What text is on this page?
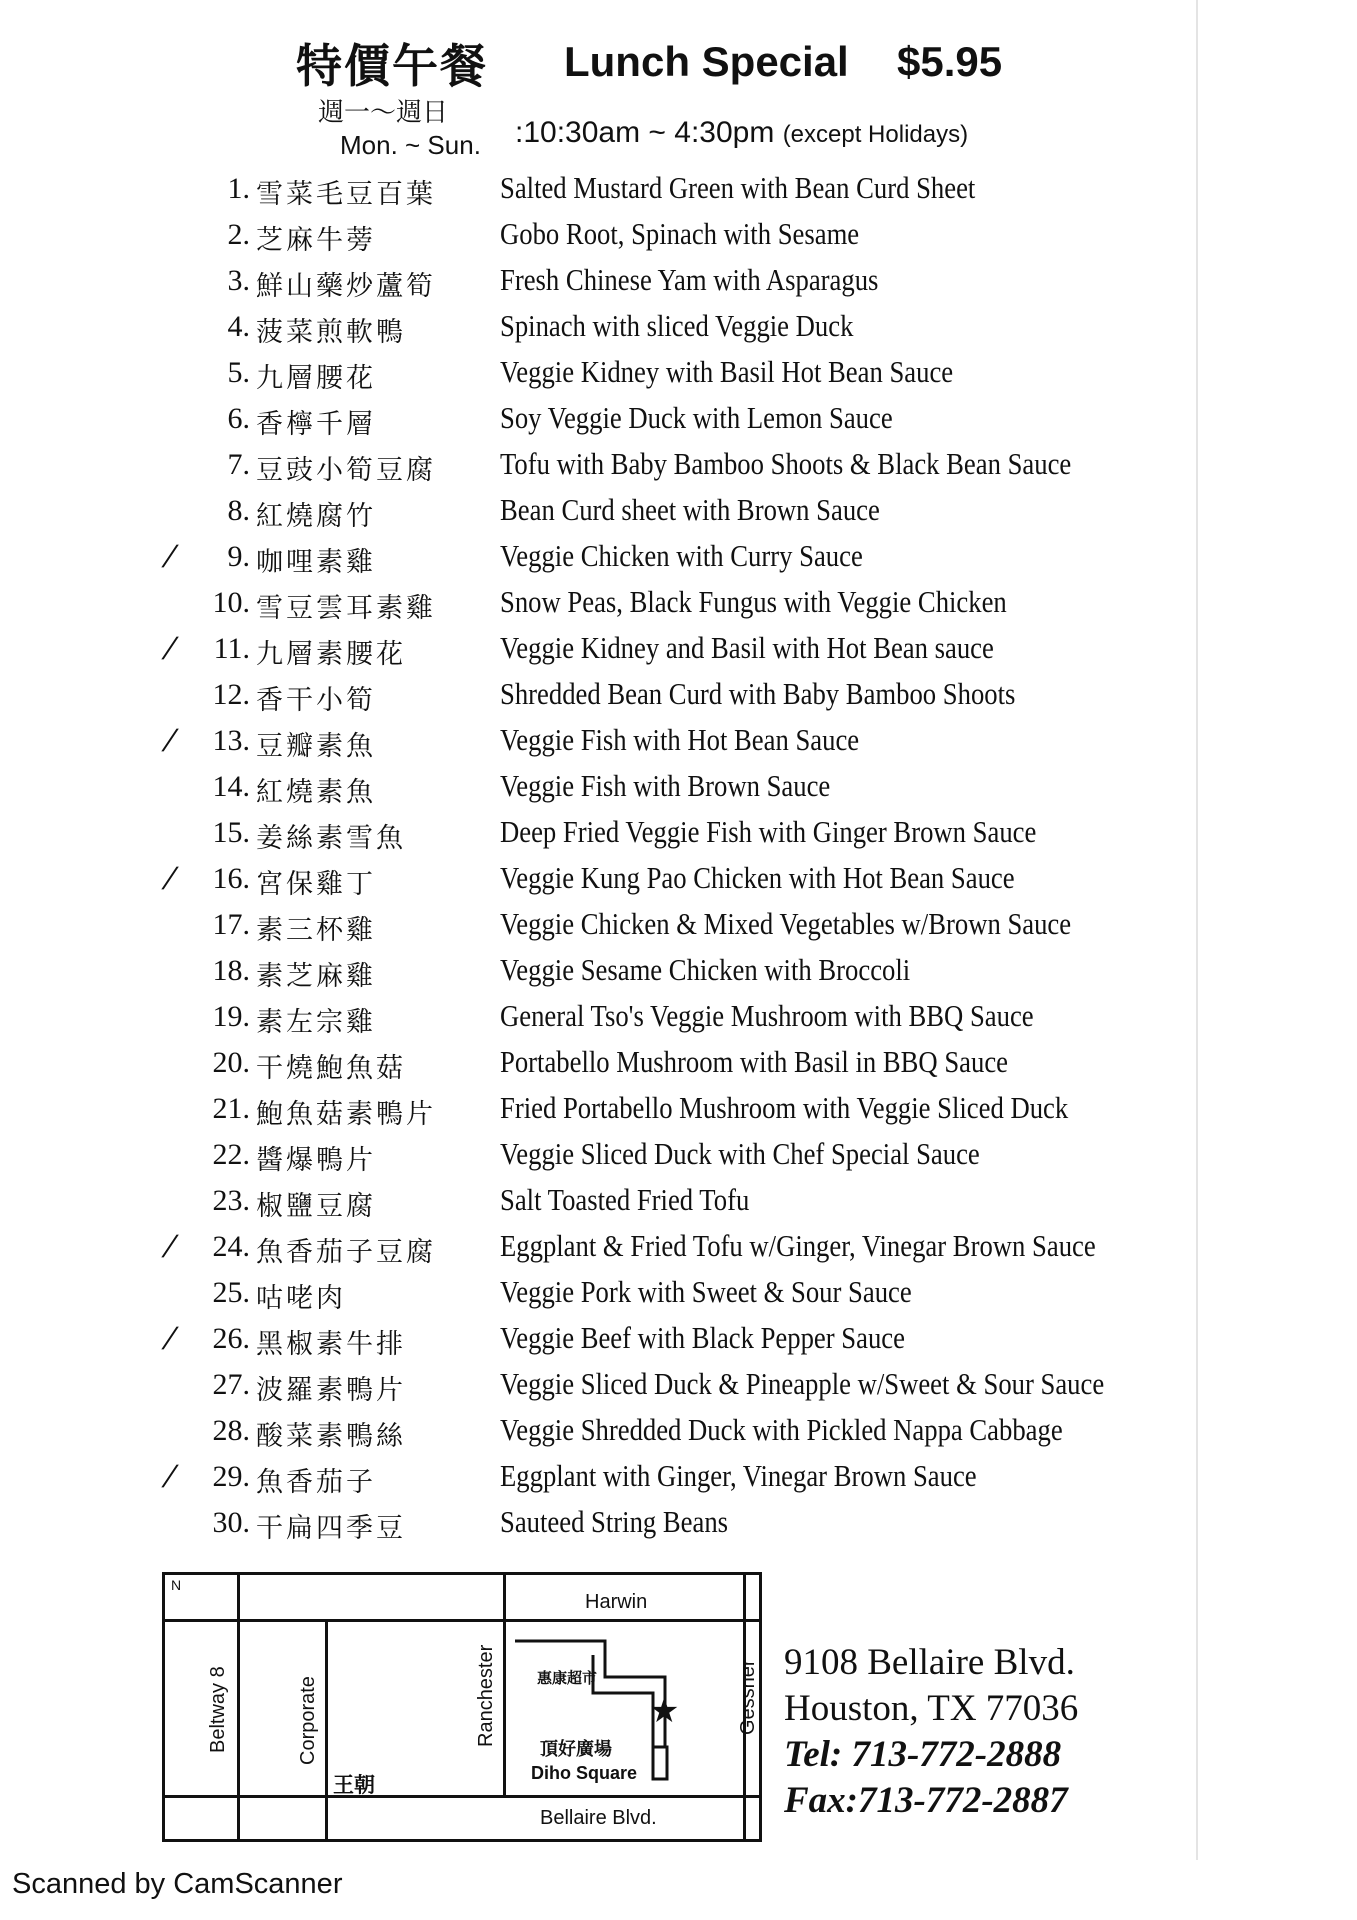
特價午餐 Lunch Special $5.95
週一～週日
Mon. ~ Sun. :10:30am ~ 4:30pm (except Holidays)
1. 雪菜毛豆百葉 Salted Mustard Green with Bean Curd Sheet
2. 芝麻牛蒡	Gobo Root, Spinach with Sesame
3. 鮮山藥炒蘆筍 Fresh Chinese Yam with Asparagus
4. 菠菜煎軟鴨	Spinach with sliced Veggie Duck
5. 九層腰花	Veggie Kidney with Basil Hot Bean Sauce
6. 香檸千層	Soy Veggie Duck with Lemon Sauce
7. 豆豉小筍豆腐 Tofu with Baby Bamboo Shoots & Black Bean Sauce
8. 紅燒腐竹	Bean Curd sheet with Brown Sauce
/	9. 咖哩素雞	Veggie Chicken with Curry Sauce
10. 雪豆雲耳素雞 Snow Peas, Black Fungus with Veggie Chicken
/	11. 九層素腰花	Veggie Kidney and Basil with Hot Bean sauce
12. 香干小筍	Shredded Bean Curd with Baby Bamboo Shoots
/	13. 豆瓣素魚	Veggie Fish with Hot Bean Sauce
14. 紅燒素魚	Veggie Fish with Brown Sauce
15. 姜絲素雪魚	Deep Fried Veggie Fish with Ginger Brown Sauce
/	16. 宮保雞丁	Veggie Kung Pao Chicken with Hot Bean Sauce
17. 素三杯雞	Veggie Chicken & Mixed Vegetables w/Brown Sauce
18. 素芝麻雞	Veggie Sesame Chicken with Broccoli
19. 素左宗雞	General Tso's Veggie Mushroom with BBQ Sauce
20. 干燒鮑魚菇	Portabello Mushroom with Basil in BBQ Sauce
21. 鮑魚菇素鴨片 Fried Portabello Mushroom with Veggie Sliced Duck
22. 醬爆鴨片	Veggie Sliced Duck with Chef Special Sauce
23. 椒鹽豆腐	Salt Toasted Fried Tofu
/	24. 魚香茄子豆腐 Eggplant & Fried Tofu w/Ginger, Vinegar Brown Sauce
25. 咕咾肉	Veggie Pork with Sweet & Sour Sauce
/	26. 黑椒素牛排	Veggie Beef with Black Pepper Sauce
27. 波羅素鴨片	Veggie Sliced Duck & Pineapple w/Sweet & Sour Sauce
28. 酸菜素鴨絲	Veggie Shredded Duck with Pickled Nappa Cabbage
/	29. 魚香茄子	Eggplant with Ginger, Vinegar Brown Sauce
30. 干扁四季豆	Sauteed String Beans
N
Harwin
Beltway 8	Corporate	Ranchester	Gessner
Bellaire Blvd.
王朝
惠康超市
頂好廣場
Diho Square
★
9108 Bellaire Blvd.
Houston, TX 77036
Tel: 713-772-2888
Fax:713-772-2887
Scanned by CamScanner
